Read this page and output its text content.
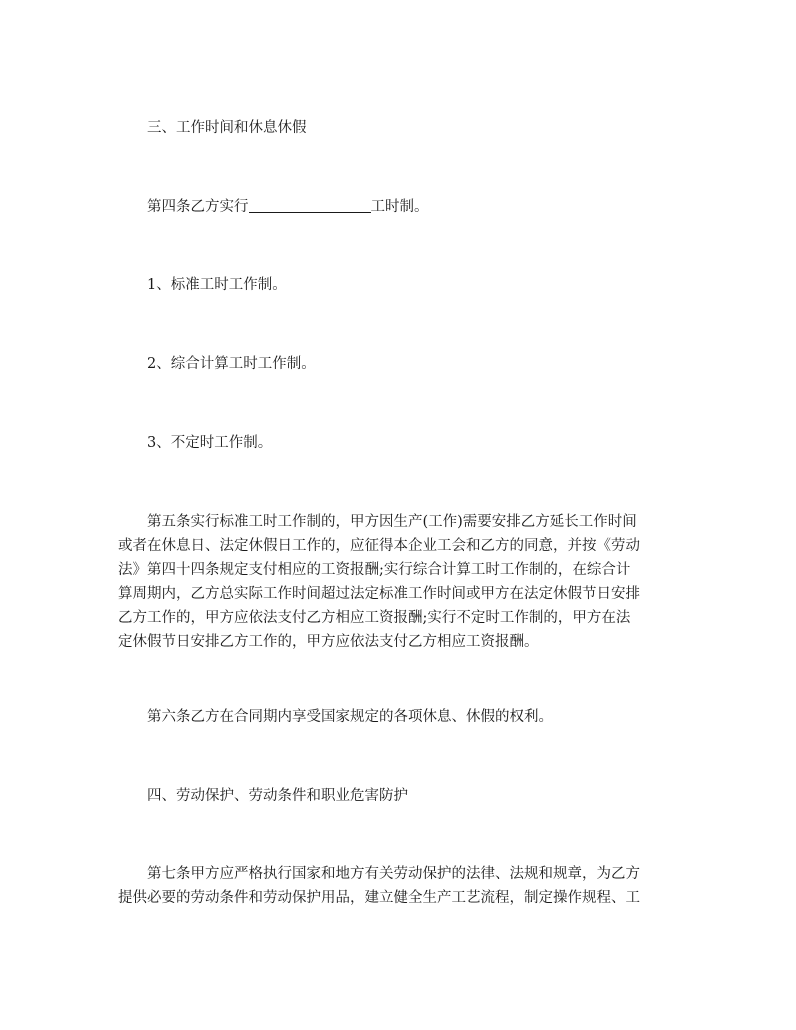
三、工作时间和休息休假

第四条乙方实行	工时制。

1、标准工时工作制。

2、综合计算工时工作制。

3、不定时工作制。

第五条实行标准工时工作制的，甲方因生产(工作)需要安排乙方延长工作时间
或者在休息日、法定休假日工作的，应征得本企业工会和乙方的同意，并按《劳动
法》第四十四条规定支付相应的工资报酬;实行综合计算工时工作制的，在综合计
算周期内，乙方总实际工作时间超过法定标准工作时间或甲方在法定休假节日安排
乙方工作的，甲方应依法支付乙方相应工资报酬;实行不定时工作制的，甲方在法
定休假节日安排乙方工作的，甲方应依法支付乙方相应工资报酬。

第六条乙方在合同期内享受国家规定的各项休息、休假的权利。

四、劳动保护、劳动条件和职业危害防护

第七条甲方应严格执行国家和地方有关劳动保护的法律、法规和规章，为乙方
提供必要的劳动条件和劳动保护用品，建立健全生产工艺流程，制定操作规程、工
